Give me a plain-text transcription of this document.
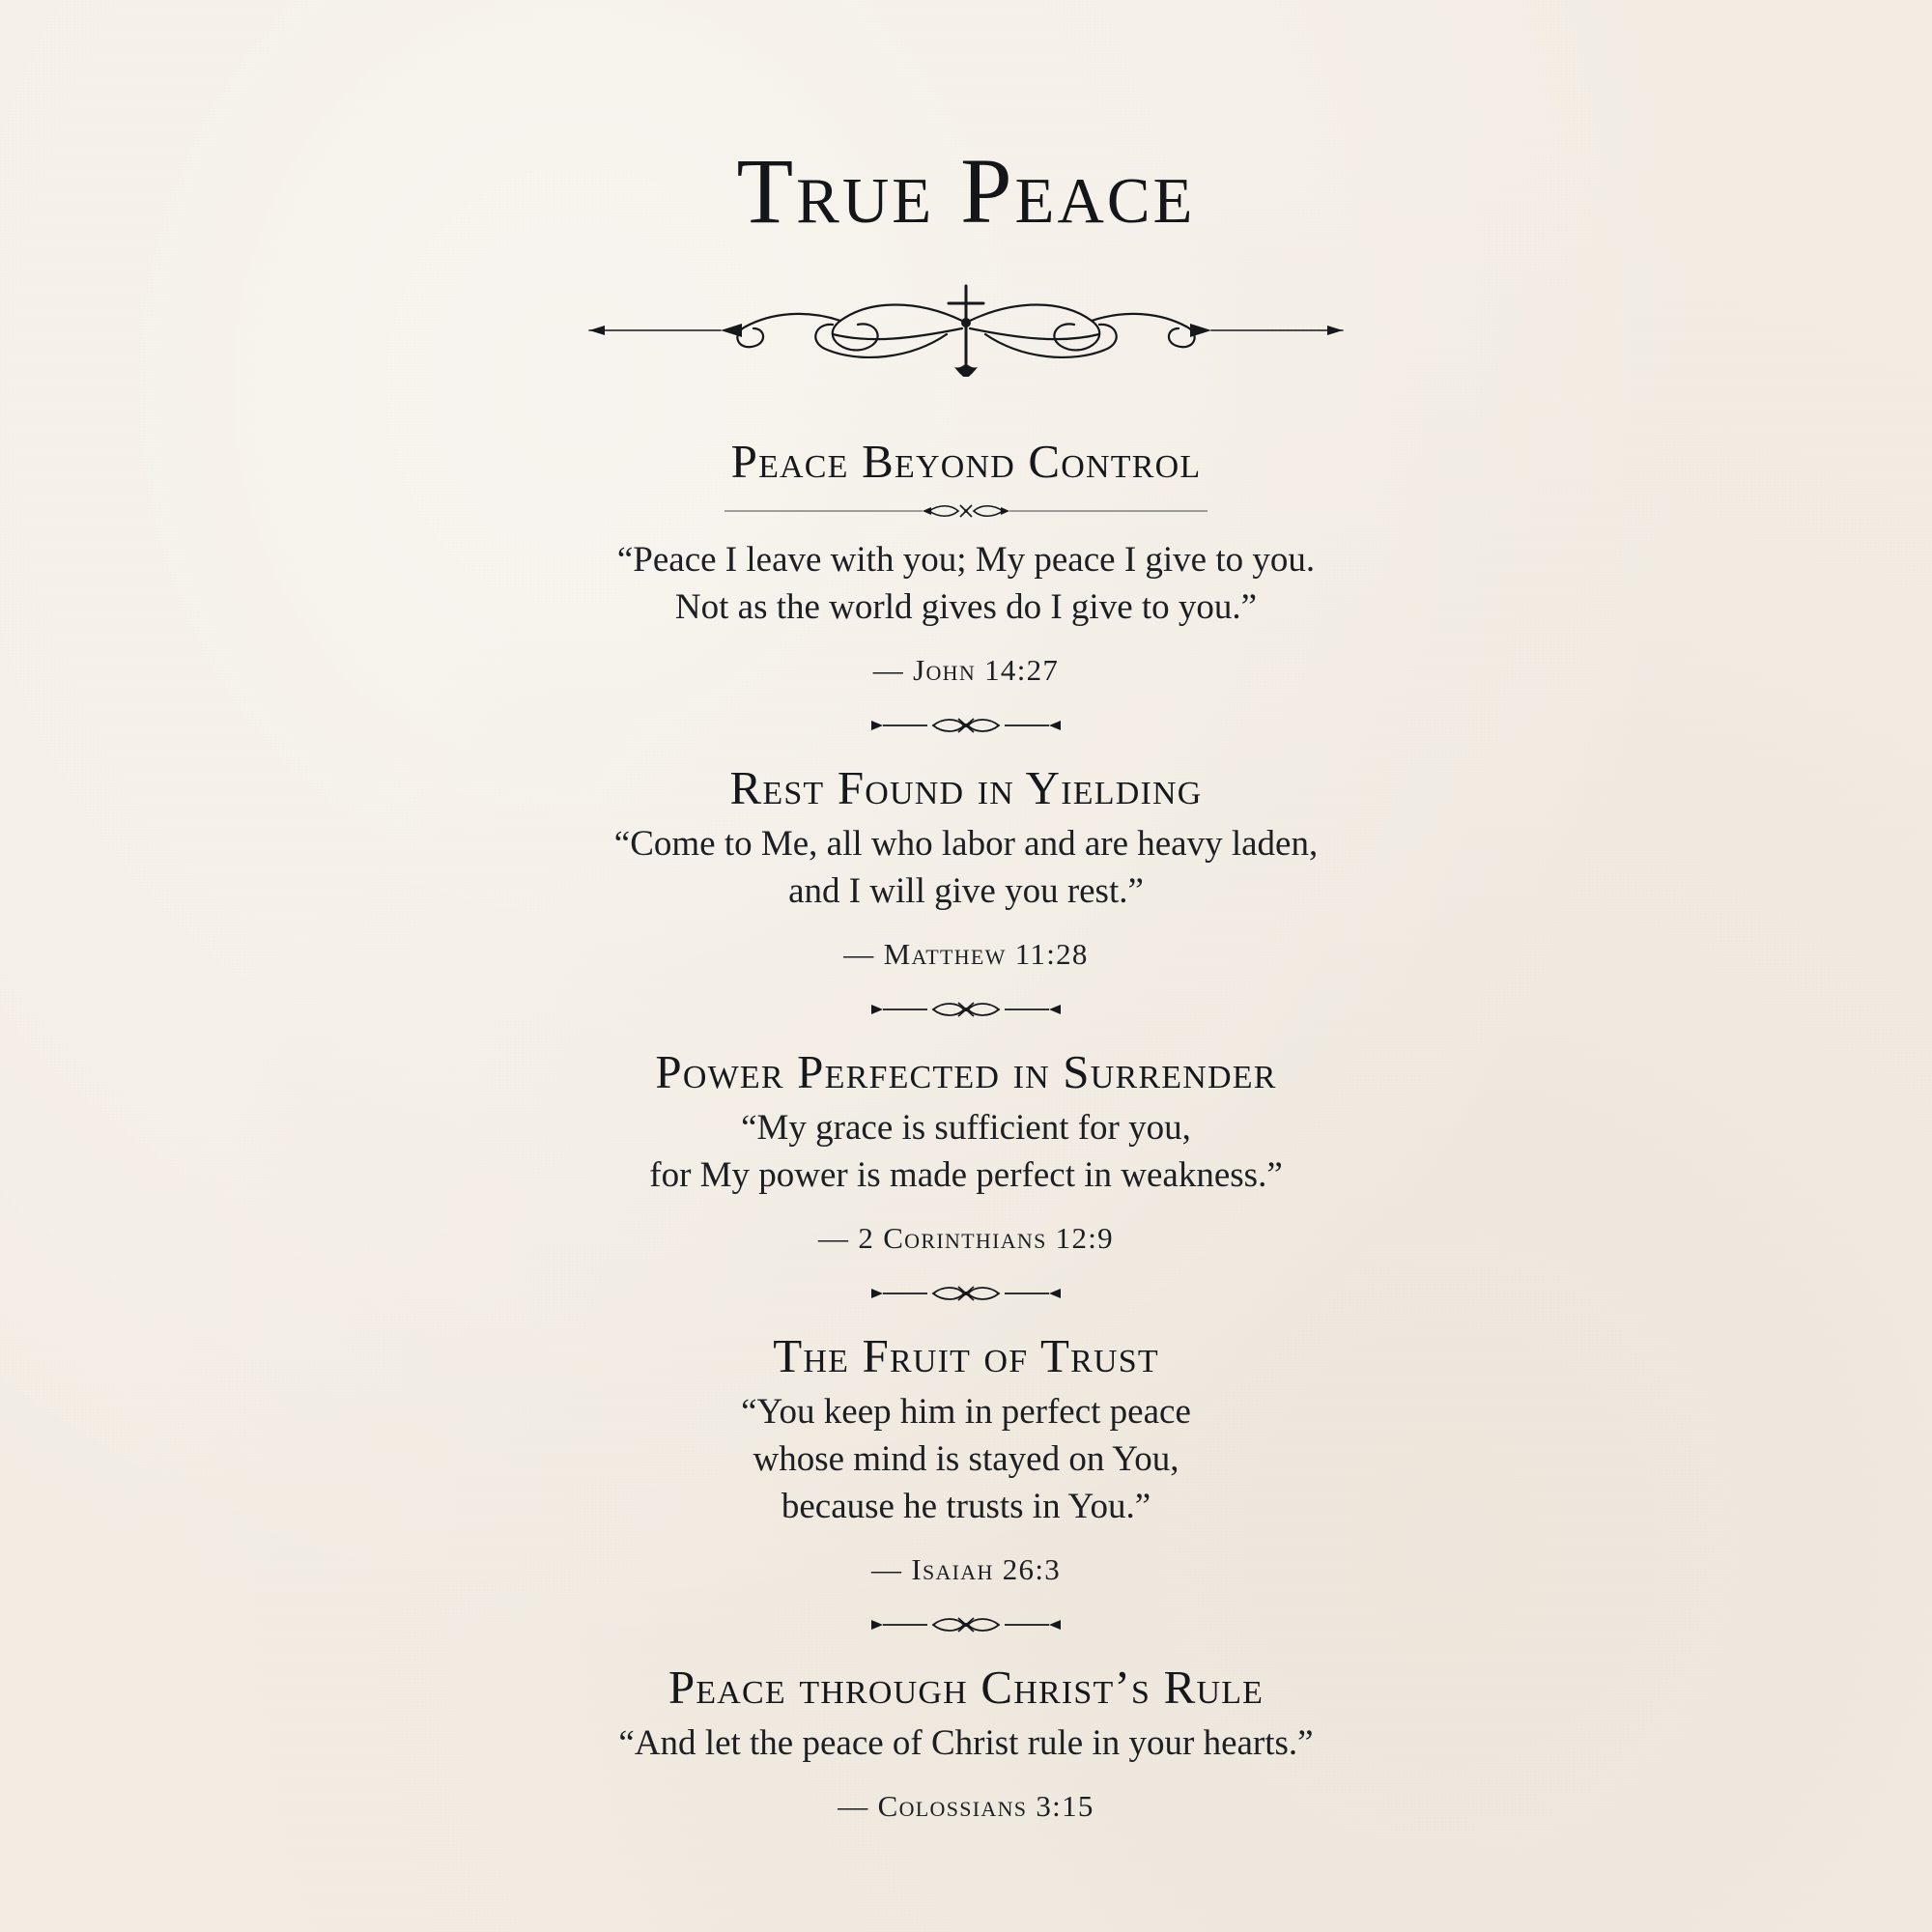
True Peace
Peace Beyond Control

“Peace I leave with you; My peace I give to you.
Not as the world gives do I give to you.”

— John 14:27
Rest Found in Yielding

“Come to Me, all who labor and are heavy laden,
and I will give you rest.”

— Matthew 11:28
Power Perfected in Surrender

“My grace is sufficient for you,
for My power is made perfect in weakness.”

— 2 Corinthians 12:9
The Fruit of Trust

“You keep him in perfect peace
whose mind is stayed on You,
because he trusts in You.”

— Isaiah 26:3
Peace through Christ’s Rule

“And let the peace of Christ rule in your hearts.”

— Colossians 3:15
